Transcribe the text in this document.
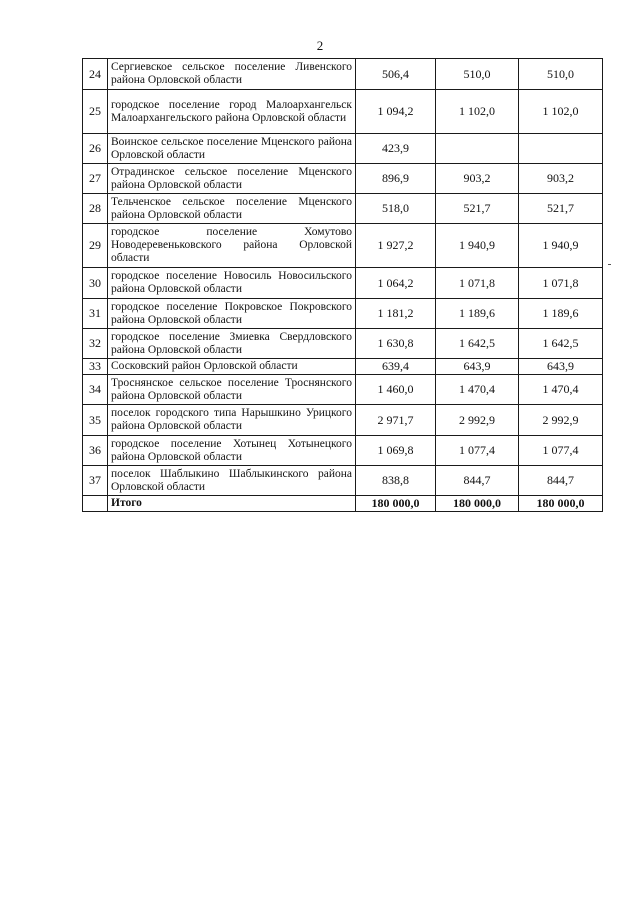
2
24	Сергиевское сельское поселение Ливенского района Орловской области	506,4	510,0	510,0
25	городское поселение город Малоархангельск Малоархангельского района Орловской области	1 094,2	1 102,0	1 102,0
26	Воинское сельское поселение Мценского района Орловской области	423,9		
27	Отрадинское сельское поселение Мценского района Орловской области	896,9	903,2	903,2
28	Тельченское сельское поселение Мценского района Орловской области	518,0	521,7	521,7
29	городское поселение Хомутово Новодеревеньковского района Орловской области	1 927,2	1 940,9	1 940,9
30	городское поселение Новосиль Новосильского района Орловской области	1 064,2	1 071,8	1 071,8
31	городское поселение Покровское Покровского района Орловской области	1 181,2	1 189,6	1 189,6
32	городское поселение Змиевка Свердловского района Орловской области	1 630,8	1 642,5	1 642,5
33	Сосковский район Орловской области	639,4	643,9	643,9
34	Троснянское сельское поселение Троснянского района Орловской области	1 460,0	1 470,4	1 470,4
35	поселок городского типа Нарышкино Урицкого района Орловской области	2 971,7	2 992,9	2 992,9
36	городское поселение Хотынец Хотынецкого района Орловской области	1 069,8	1 077,4	1 077,4
37	поселок Шаблыкино Шаблыкинского района Орловской области	838,8	844,7	844,7
	Итого	180 000,0	180 000,0	180 000,0
